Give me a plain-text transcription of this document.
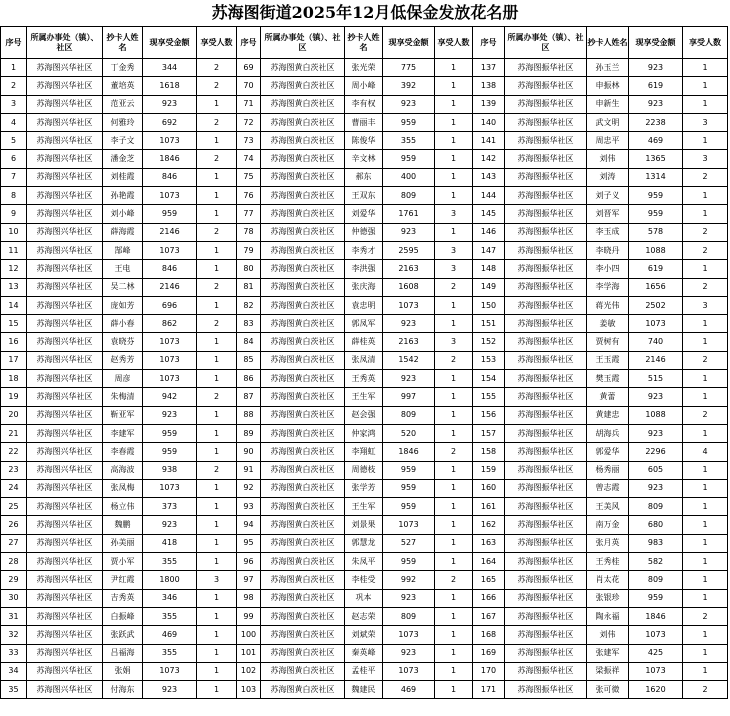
苏海图街道2025年12月低保金发放花名册
序号	所属办事处（镇）、社区	抄卡人姓名	现享受金额	享受人数	序号	所属办事处（镇）、社区	抄卡人姓名	现享受金额	享受人数	序号	所属办事处（镇）、社区	抄卡人姓名	现享受金额	享受人数
1	苏海图兴华社区	丁金秀	344	2	69	苏海图黄白茨社区	张光荣	775	1	137	苏海图振华社区	孙玉兰	923	1
2	苏海图兴华社区	董培英	1618	2	70	苏海图黄白茨社区	周小峰	392	1	138	苏海图振华社区	申振林	619	1
3	苏海图兴华社区	范亚云	923	1	71	苏海图黄白茨社区	李有权	923	1	139	苏海图振华社区	申新生	923	1
4	苏海图兴华社区	何雅玲	692	2	72	苏海图黄白茨社区	曹丽丰	959	1	140	苏海图振华社区	武文明	2238	3
5	苏海图兴华社区	李子文	1073	1	73	苏海图黄白茨社区	陈俊华	355	1	141	苏海图振华社区	周忠平	469	1
6	苏海图兴华社区	潘金芝	1846	2	74	苏海图黄白茨社区	辛文林	959	1	142	苏海图振华社区	刘伟	1365	3
7	苏海图兴华社区	刘桂霞	846	1	75	苏海图黄白茨社区	郝东	400	1	143	苏海图振华社区	刘涛	1314	2
8	苏海图兴华社区	孙艳霞	1073	1	76	苏海图黄白茨社区	王双东	809	1	144	苏海图振华社区	刘子义	959	1
9	苏海图兴华社区	刘小峰	959	1	77	苏海图黄白茨社区	刘爱华	1761	3	145	苏海图振华社区	刘晋军	959	1
10	苏海图兴华社区	薛海霞	2146	2	78	苏海图黄白茨社区	仲德强	923	1	146	苏海图振华社区	李玉成	578	2
11	苏海图兴华社区	郜峰	1073	1	79	苏海图黄白茨社区	李秀才	2595	3	147	苏海图振华社区	李晓丹	1088	2
12	苏海图兴华社区	王电	846	1	80	苏海图黄白茨社区	李洪强	2163	3	148	苏海图振华社区	李小四	619	1
13	苏海图兴华社区	吴二林	2146	2	81	苏海图黄白茨社区	张庆海	1608	2	149	苏海图振华社区	李学海	1656	2
14	苏海图兴华社区	庞如芳	696	1	82	苏海图黄白茨社区	袁忠明	1073	1	150	苏海图振华社区	蒋光伟	2502	3
15	苏海图兴华社区	薛小春	862	2	83	苏海图黄白茨社区	郭凤军	923	1	151	苏海图振华社区	姜敏	1073	1
16	苏海图兴华社区	袁晓芬	1073	1	84	苏海图黄白茨社区	薛桂英	2163	3	152	苏海图振华社区	贾树有	740	1
17	苏海图兴华社区	赵秀芳	1073	1	85	苏海图黄白茨社区	张凤清	1542	2	153	苏海图振华社区	王玉霞	2146	2
18	苏海图兴华社区	周彦	1073	1	86	苏海图黄白茨社区	王秀英	923	1	154	苏海图振华社区	樊玉霞	515	1
19	苏海图兴华社区	朱梅清	942	2	87	苏海图黄白茨社区	王生军	997	1	155	苏海图振华社区	黄蕾	923	1
20	苏海图兴华社区	靳亚军	923	1	88	苏海图黄白茨社区	赵会强	809	1	156	苏海图振华社区	黄建忠	1088	2
21	苏海图兴华社区	李建军	959	1	89	苏海图黄白茨社区	仲家鸿	520	1	157	苏海图振华社区	胡海兵	923	1
22	苏海图兴华社区	李春霞	959	1	90	苏海图黄白茨社区	李翔虹	1846	2	158	苏海图振华社区	郭爱华	2296	4
23	苏海图兴华社区	高海波	938	2	91	苏海图黄白茨社区	周德枝	959	1	159	苏海图振华社区	杨秀丽	605	1
24	苏海图兴华社区	张凤梅	1073	1	92	苏海图黄白茨社区	张学芳	959	1	160	苏海图振华社区	曾志霞	923	1
25	苏海图兴华社区	杨立伟	373	1	93	苏海图黄白茨社区	王生军	959	1	161	苏海图振华社区	王美风	809	1
26	苏海图兴华社区	魏鹏	923	1	94	苏海图黄白茨社区	刘景果	1073	1	162	苏海图振华社区	南万金	680	1
27	苏海图兴华社区	孙美丽	418	1	95	苏海图黄白茨社区	郭慧龙	527	1	163	苏海图振华社区	张月英	983	1
28	苏海图兴华社区	贾小军	355	1	96	苏海图黄白茨社区	朱凤平	959	1	164	苏海图振华社区	王秀桂	582	1
29	苏海图兴华社区	尹红霞	1800	3	97	苏海图黄白茨社区	李桂受	992	2	165	苏海图振华社区	肖太花	809	1
30	苏海图兴华社区	吉秀英	346	1	98	苏海图黄白茨社区	巩本	923	1	166	苏海图振华社区	张银珍	959	1
31	苏海图兴华社区	白振峰	355	1	99	苏海图黄白茨社区	赵志荣	809	1	167	苏海图振华社区	陶永福	1846	2
32	苏海图兴华社区	张跃武	469	1	100	苏海图黄白茨社区	刘斌荣	1073	1	168	苏海图振华社区	刘伟	1073	1
33	苏海图兴华社区	吕福海	355	1	101	苏海图黄白茨社区	秦英峰	923	1	169	苏海图振华社区	张建军	425	1
34	苏海图兴华社区	张娟	1073	1	102	苏海图黄白茨社区	孟桂平	1073	1	170	苏海图振华社区	梁振祥	1073	1
35	苏海图兴华社区	付海东	923	1	103	苏海图黄白茨社区	魏建民	469	1	171	苏海图振华社区	张可微	1620	2
